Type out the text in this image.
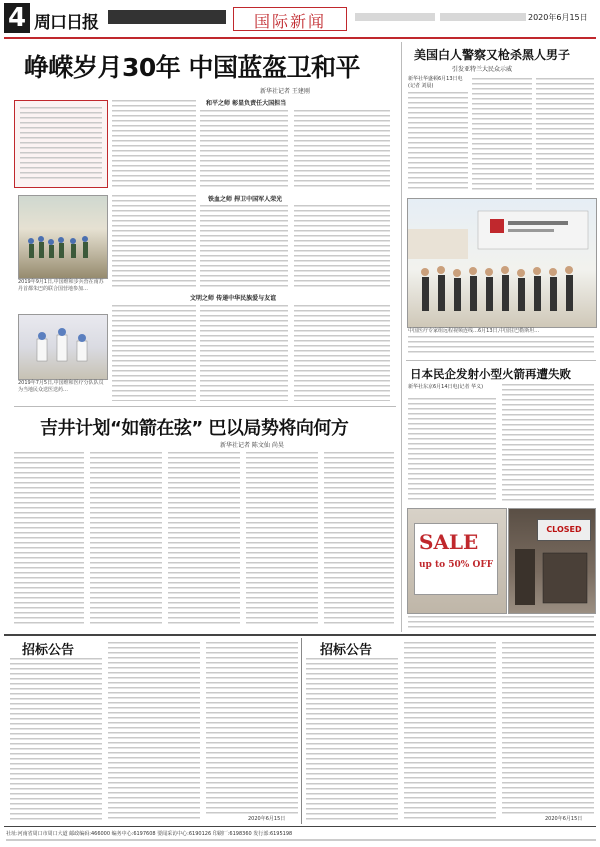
4 周口日报	国际新闻	2020年6月15日
峥嵘岁月30年 中国蓝盔卫和平
新华社记者 王建刚
和平之师 彰显负责任大国担当
2019年9月1日,中国维和步兵营在南苏丹首都朱巴的联合国营地参加…
铁血之师 捍卫中国军人荣光
2019年7月5日,中国维和医疗分队队员为当地民众送医送药…
文明之师 传递中华民族爱与友谊
吉井计划“如箭在弦” 巴以局势将向何方
新华社记者 陈文仙 尚昊
美国白人警察又枪杀黑人男子
引发亚特兰大民众示威
新华社华盛顿6月13日电(记者 刘晨)
中国医疗专家组远程视频连线…6月13日,中国驻巴勒斯坦…
日本民企发射小型火箭再遭失败
新华社东京6月14日电(记者 华义)
SALE
up to 50% OFF
CLOSED
招标公告
2020年6月15日
招标公告
2020年6月15日
社址:河南省周口市周口大道 邮政编码:466000 编务中心:6197608 要闻采访中心:6190126 印刷厂:6198360 发行部:6195198
